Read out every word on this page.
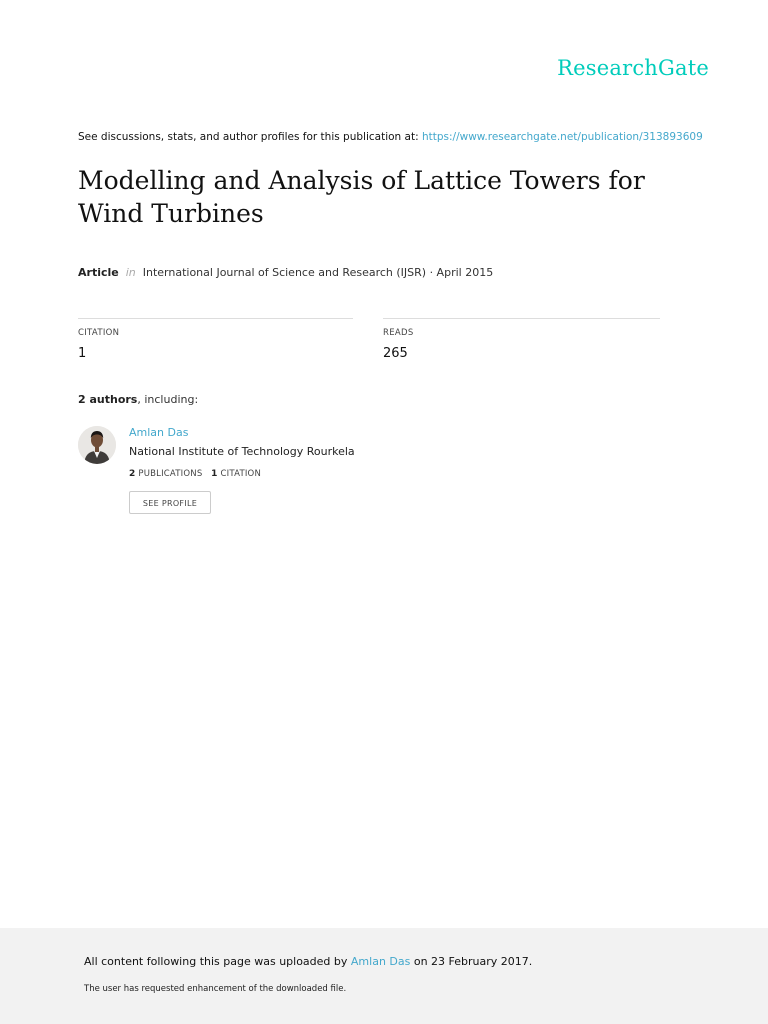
ResearchGate
See discussions, stats, and author profiles for this publication at: https://www.researchgate.net/publication/313893609
Modelling and Analysis of Lattice Towers for Wind Turbines
Article in International Journal of Science and Research (IJSR) · April 2015
CITATION
1
READS
265
2 authors, including:
Amlan Das
National Institute of Technology Rourkela
2 PUBLICATIONS 1 CITATION
SEE PROFILE
All content following this page was uploaded by Amlan Das on 23 February 2017.
The user has requested enhancement of the downloaded file.
